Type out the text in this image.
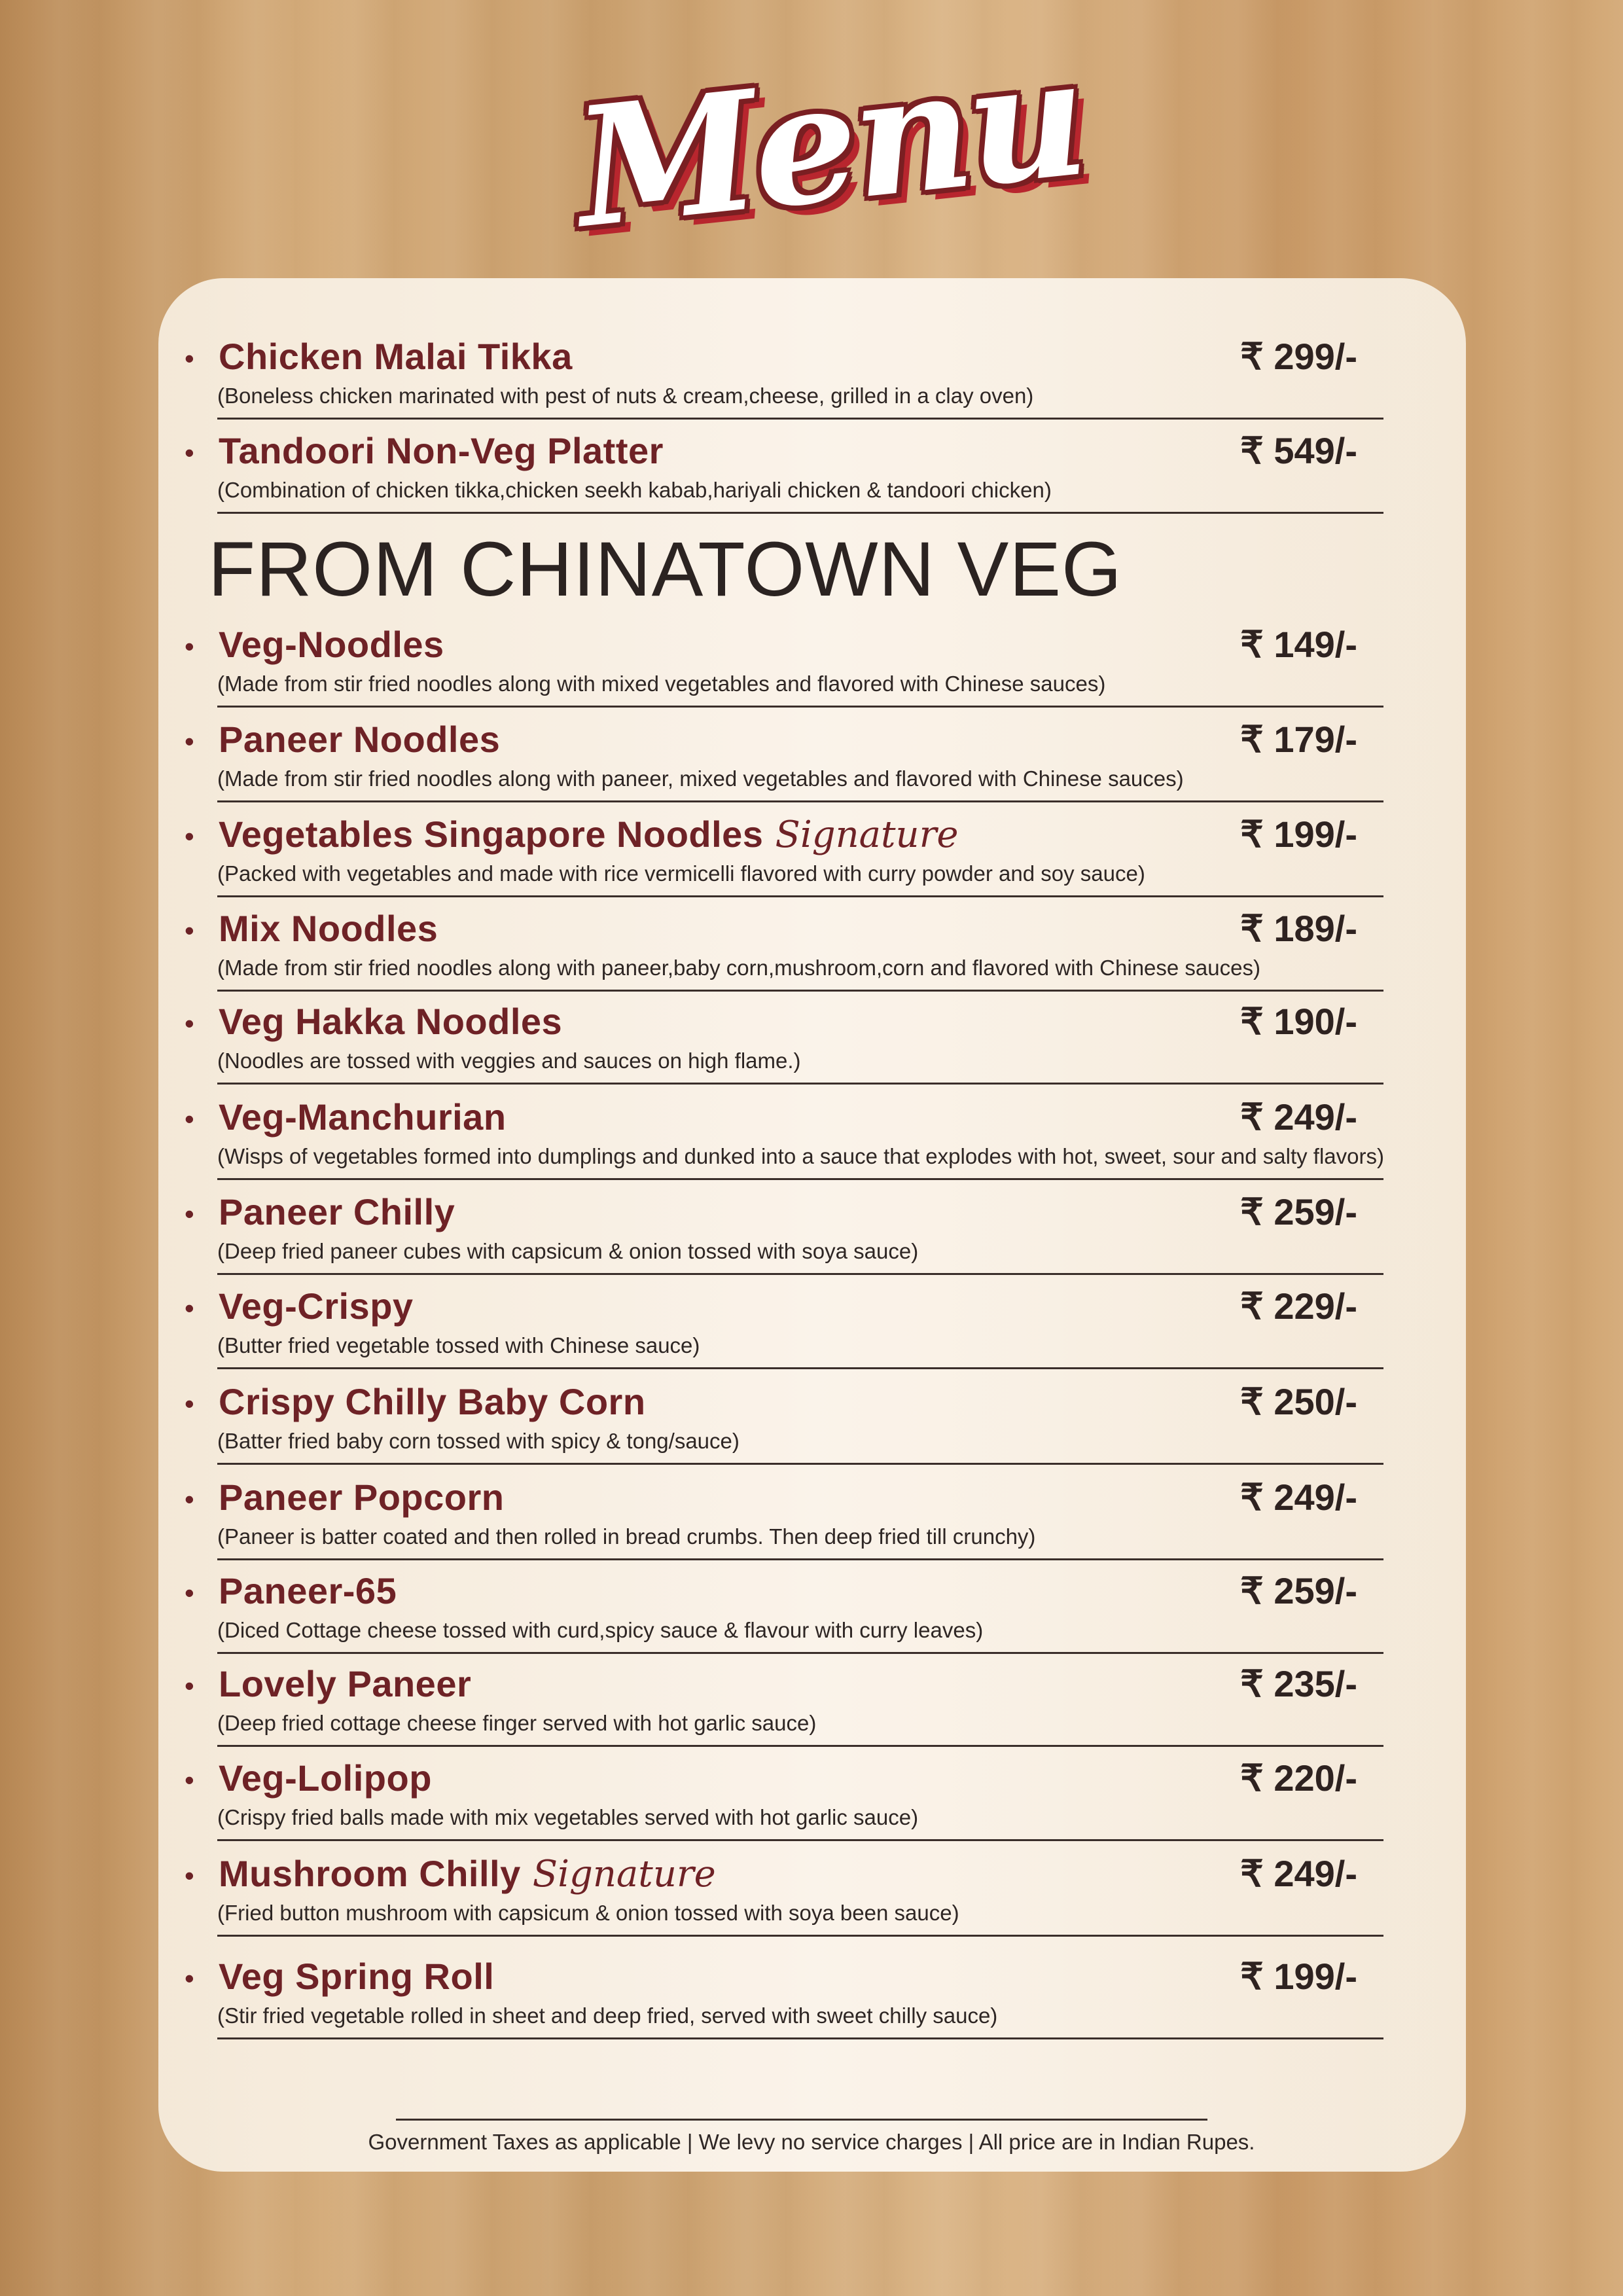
Menu
• Chicken Malai Tikka	₹ 299/-
(Boneless chicken marinated with pest of nuts & cream,cheese, grilled in a clay oven)
• Tandoori Non-Veg Platter	₹ 549/-
(Combination of chicken tikka,chicken seekh kabab,hariyali chicken & tandoori chicken)
FROM CHINATOWN VEG
• Veg-Noodles	₹ 149/-
(Made from stir fried noodles along with mixed vegetables and flavored with Chinese sauces)
• Paneer Noodles	₹ 179/-
(Made from stir fried noodles along with paneer, mixed vegetables and flavored with Chinese sauces)
• Vegetables Singapore Noodles Signature	₹ 199/-
(Packed with vegetables and made with rice vermicelli flavored with curry powder and soy sauce)
• Mix Noodles	₹ 189/-
(Made from stir fried noodles along with paneer,baby corn,mushroom,corn and flavored with Chinese sauces)
• Veg Hakka Noodles	₹ 190/-
(Noodles are tossed with veggies and sauces on high flame.)
• Veg-Manchurian	₹ 249/-
(Wisps of vegetables formed into dumplings and dunked into a sauce that explodes with hot, sweet, sour and salty flavors)
• Paneer Chilly	₹ 259/-
(Deep fried paneer cubes with capsicum & onion tossed with soya sauce)
• Veg-Crispy	₹ 229/-
(Butter fried vegetable tossed with Chinese sauce)
• Crispy Chilly Baby Corn	₹ 250/-
(Batter fried baby corn tossed with spicy & tong/sauce)
• Paneer Popcorn	₹ 249/-
(Paneer is batter coated and then rolled in bread crumbs. Then deep fried till crunchy)
• Paneer-65	₹ 259/-
(Diced Cottage cheese tossed with curd,spicy sauce & flavour with curry leaves)
• Lovely Paneer	₹ 235/-
(Deep fried cottage cheese finger served with hot garlic sauce)
• Veg-Lolipop	₹ 220/-
(Crispy fried balls made with mix vegetables served with hot garlic sauce)
• Mushroom Chilly Signature	₹ 249/-
(Fried button mushroom with capsicum & onion tossed with soya been sauce)
• Veg Spring Roll	₹ 199/-
(Stir fried vegetable rolled in sheet and deep fried, served with sweet chilly sauce)
Government Taxes as applicable | We levy no service charges | All price are in Indian Rupes.
